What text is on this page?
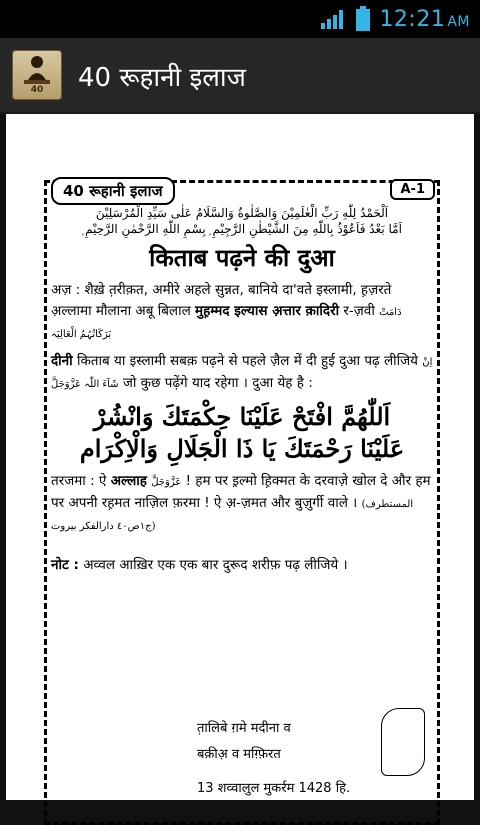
12:21 AM
40	40 रूहानी इलाज
40 रूहानी इलाज	A-1
اَلْحَمْدُ لِلّٰهِ رَبِّ الْعٰلَمِيْنَ وَالصَّلٰوةُ وَالسَّلَامُ عَلٰى سَيِّدِ الْمُرْسَلِيْنَ
اَمَّا بَعْدُ فَاَعُوْذُ بِاللّٰهِ مِنَ الشَّيْطٰنِ الرَّجِيْمِ ۭ بِسْمِ اللّٰهِ الرَّحْمٰنِ الرَّحِيْمِ ۭ
किताब पढ़ने की दुआ
अज़ : शैखे़ त़रीक़त, अमीरे अहले सुन्नत, बानिये दा'वते इस्लामी, ह़ज़रते अ़ल्लामा मौलाना अबू बिलाल मुह़म्मद इल्यास अ़त्तार क़ादिरी र-ज़वी دَامَتْ بَرَکَاتُہُمُ الْعَالِيَہ
दीनी किताब या इस्लामी सबक़ पढ़ने से पहले ज़ैल में दी हुई दुआ पढ़ लीजिये اِنْ شَآءَ اللّٰہ عَزَّوَجَلَّ जो कुछ पढ़ेंगे याद रहेगा । दुआ येह है :
اَللّٰھُمَّ افْتَحْ عَلَيْنَا حِكْمَتَكَ وَانْشُرْ
عَلَيْنَا رَحْمَتَكَ يَا ذَا الْجَلَالِ وَالْاِكْرَام
तरजमा : ऐ अल्लाह عَزَّوَجَلَّ ! हम पर इ़ल्मो ह़िक्मत के दरवाज़े खोल दे और हम पर अपनी रह़मत नाज़िल फ़रमा ! ऐ अ़-ज़मत और बुज़ुर्गी वाले । (المستطرف ج١ص٤٠ دارالفکر بیروت)
नोट : अव्वल आख़िर एक एक बार दुरूद शरीफ़ पढ़ लीजिये ।
त़ालिबे ग़मे मदीना व
बक़ीअ़ व मग़्फ़िरत
13 शव्वालुल मुकर्रम 1428 हि.
